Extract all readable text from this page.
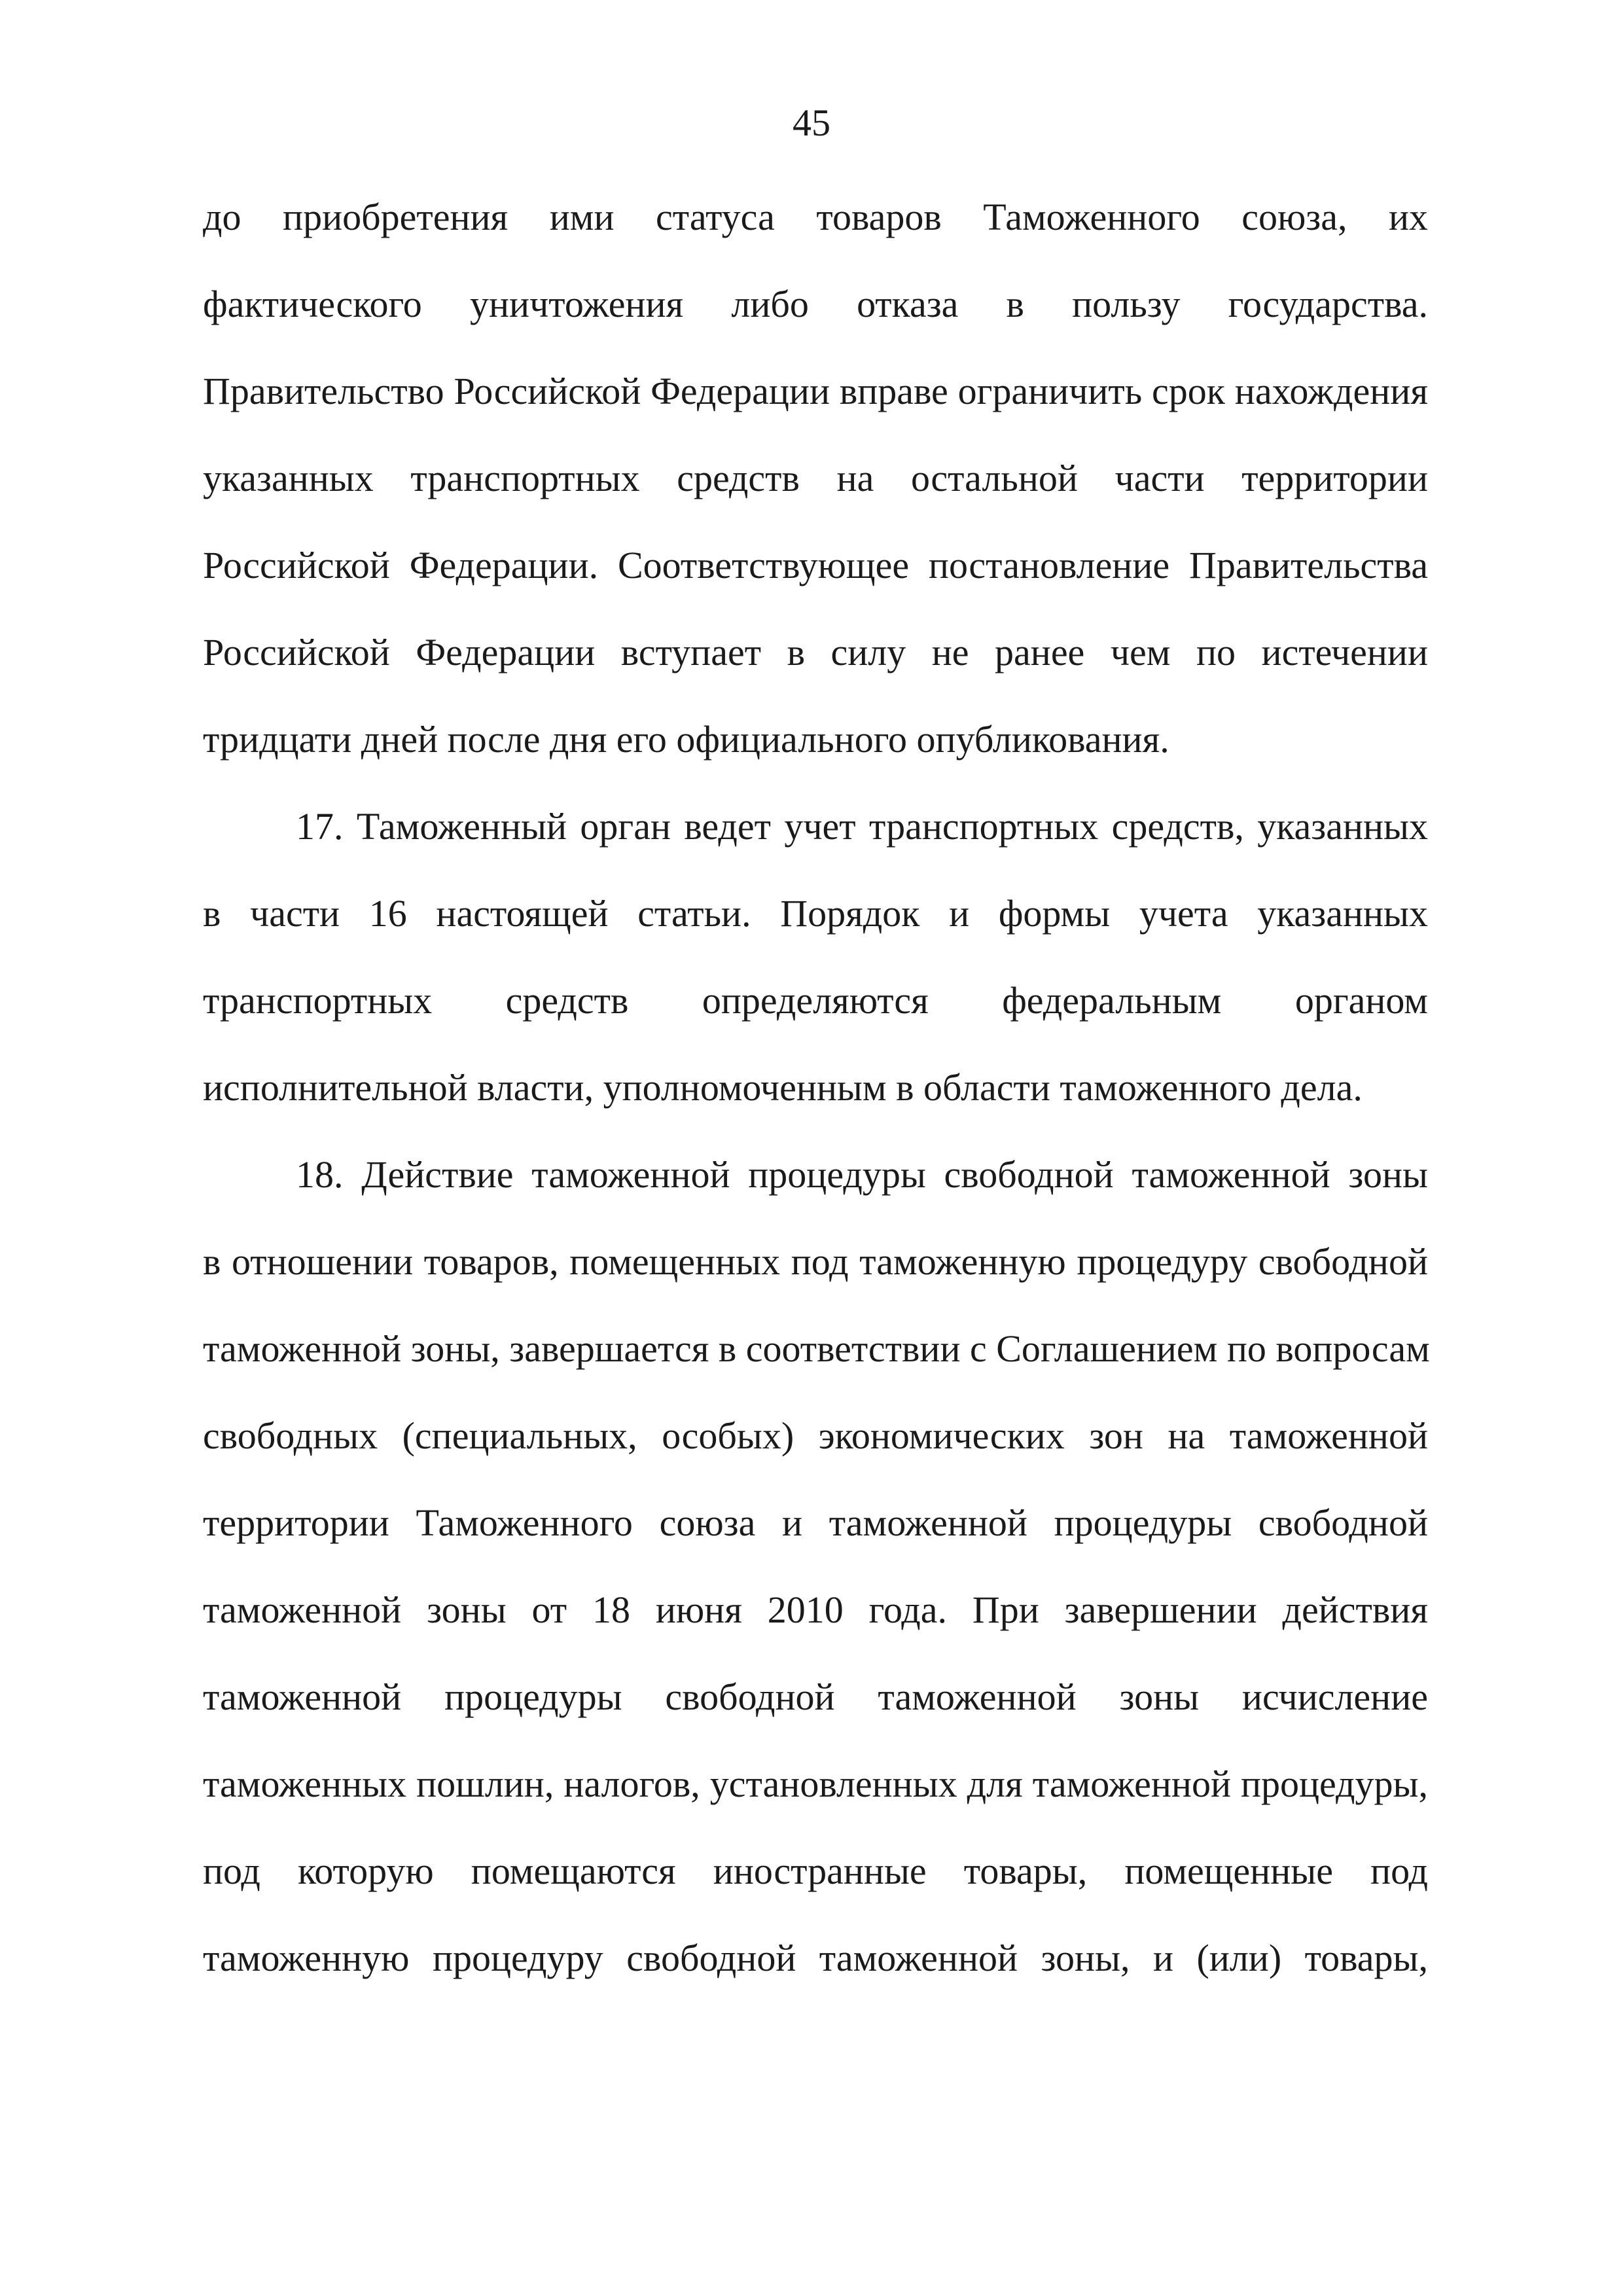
45
до приобретения ими статуса товаров Таможенного союза, их
фактического уничтожения либо отказа в пользу государства.
Правительство Российской Федерации вправе ограничить срок нахождения
указанных транспортных средств на остальной части территории
Российской Федерации. Соответствующее постановление Правительства
Российской Федерации вступает в силу не ранее чем по истечении
тридцати дней после дня его официального опубликования.
17. Таможенный орган ведет учет транспортных средств, указанных
в части 16 настоящей статьи. Порядок и формы учета указанных
транспортных средств определяются федеральным органом
исполнительной власти, уполномоченным в области таможенного дела.
18. Действие таможенной процедуры свободной таможенной зоны
в отношении товаров, помещенных под таможенную процедуру свободной
таможенной зоны, завершается в соответствии с Соглашением по вопросам
свободных (специальных, особых) экономических зон на таможенной
территории Таможенного союза и таможенной процедуры свободной
таможенной зоны от 18 июня 2010 года. При завершении действия
таможенной процедуры свободной таможенной зоны исчисление
таможенных пошлин, налогов, установленных для таможенной процедуры,
под которую помещаются иностранные товары, помещенные под
таможенную процедуру свободной таможенной зоны, и (или) товары,
